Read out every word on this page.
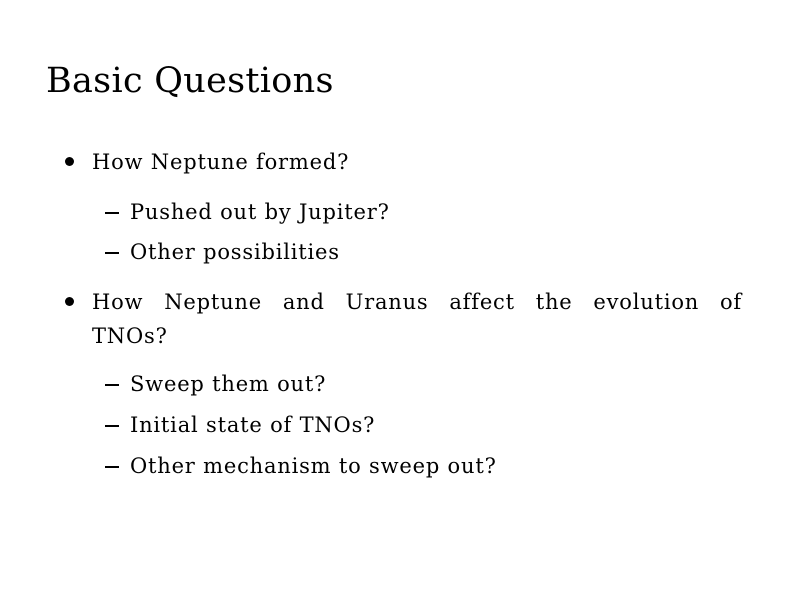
Basic Questions
How Neptune formed?
Pushed out by Jupiter?
Other possibilities
How Neptune and Uranus affect the evolution of TNOs?
Sweep them out?
Initial state of TNOs?
Other mechanism to sweep out?
